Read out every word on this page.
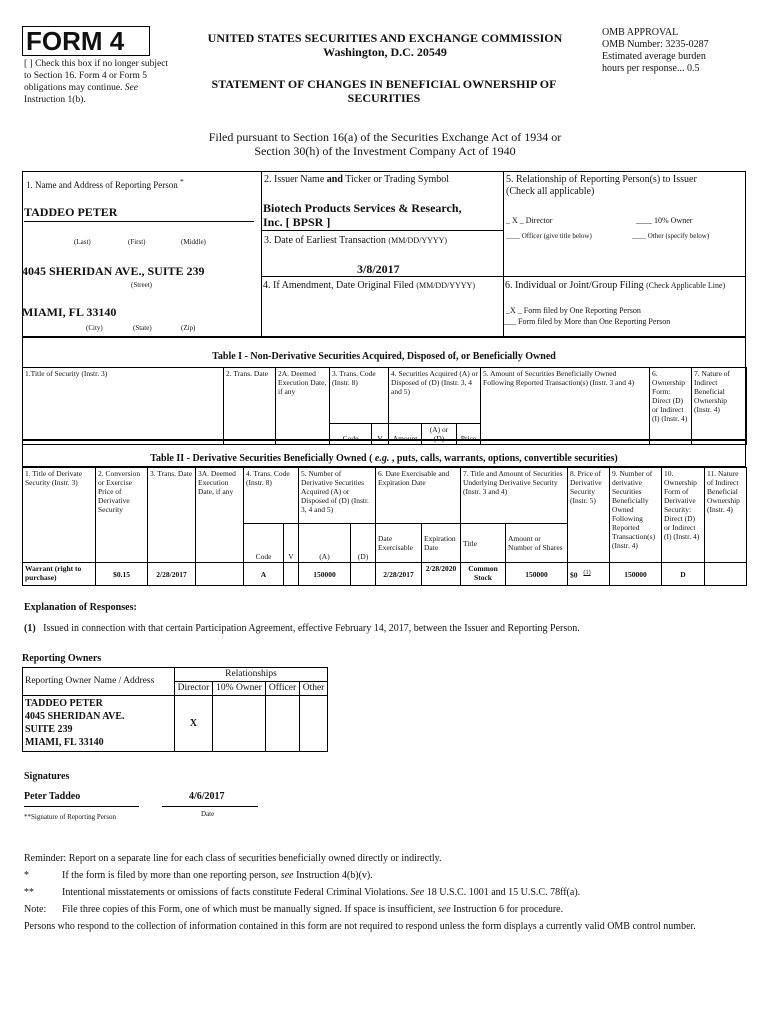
FORM 4
[ ] Check this box if no longer subject to Section 16. Form 4 or Form 5 obligations may continue. See Instruction 1(b).
UNITED STATES SECURITIES AND EXCHANGE COMMISSION
Washington, D.C. 20549
STATEMENT OF CHANGES IN BENEFICIAL OWNERSHIP OF SECURITIES
OMB APPROVAL
OMB Number: 3235-0287
Estimated average burden
hours per response... 0.5
Filed pursuant to Section 16(a) of the Securities Exchange Act of 1934 or
Section 30(h) of the Investment Company Act of 1940
1. Name and Address of Reporting Person *
TADDEO PETER
(Last)	(First)	(Middle)
4045 SHERIDAN AVE., SUITE 239
(Street)
MIAMI, FL 33140
(City)	(State)	(Zip)
2. Issuer Name and Ticker or Trading Symbol
Biotech Products Services & Research,
Inc. [ BPSR ]
3. Date of Earliest Transaction (MM/DD/YYYY)
3/8/2017
4. If Amendment, Date Original Filed (MM/DD/YYYY)
5. Relationship of Reporting Person(s) to Issuer
(Check all applicable)
_ X _ Director	____ 10% Owner
____ Officer (give title below)	____ Other (specify below)
6. Individual or Joint/Group Filing (Check Applicable Line)
_X _ Form filed by One Reporting Person
___ Form filed by More than One Reporting Person
Table I - Non-Derivative Securities Acquired, Disposed of, or Beneficially Owned
1.Title of Security (Instr. 3)	2. Trans. Date	2A. Deemed Execution Date, if any	3. Trans. Code (Instr. 8)		4. Securities Acquired (A) or Disposed of (D) (Instr. 3, 4 and 5)			5. Amount of Securities Beneficially Owned Following Reported Transaction(s) (Instr. 3 and 4)	6. Ownership Form: Direct (D) or Indirect (I) (Instr. 4)	7. Nature of Indirect Beneficial Ownership (Instr. 4)
			Code	V	Amount	(A) or (D)	Price			
Table II - Derivative Securities Beneficially Owned ( e.g. , puts, calls, warrants, options, convertible securities)
1. Title of Derivate Security (Instr. 3)	2. Conversion or Exercise Price of Derivative Security	3. Trans. Date	3A. Deemed Execution Date, if any	4. Trans. Code (Instr. 8)		5. Number of Derivative Securities Acquired (A) or Disposed of (D) (Instr. 3, 4 and 5)		6. Date Exercisable and Expiration Date		7. Title and Amount of Securities Underlying Derivative Security (Instr. 3 and 4)		8. Price of Derivative Security (Instr. 5)	9. Number of derivative Securities Beneficially Owned Following Reported Transaction(s) (Instr. 4)	10. Ownership Form of Derivative Security: Direct (D) or Indirect (I) (Instr. 4)	11. Nature of Indirect Beneficial Ownership (Instr. 4)
				Code	V	(A)	(D)	Date Exercisable	Expiration Date	Title	Amount or Number of Shares				
Warrant (right to purchase)	$0.15	2/28/2017		A		150000		2/28/2017	2/28/2020	Common Stock	150000	$0 $^{(1)}$	150000	D	
Explanation of Responses:
(1) Issued in connection with that certain Participation Agreement, effective February 14, 2017, between the Issuer and Reporting Person.
Reporting Owners
Reporting Owner Name / Address	Relationships			
	Director	10% Owner	Officer	Other

TADDEO PETER
4045 SHERIDAN AVE.
SUITE 239
MIAMI, FL 33140	X			
Signatures
Peter Taddeo	4/6/2017
**Signature of Reporting Person	Date
Reminder: Report on a separate line for each class of securities beneficially owned directly or indirectly.
*	If the form is filed by more than one reporting person, see Instruction 4(b)(v).
**	Intentional misstatements or omissions of facts constitute Federal Criminal Violations. See 18 U.S.C. 1001 and 15 U.S.C. 78ff(a).
Note: File three copies of this Form, one of which must be manually signed. If space is insufficient, see Instruction 6 for procedure.
Persons who respond to the collection of information contained in this form are not required to respond unless the form displays a currently valid OMB control number.
